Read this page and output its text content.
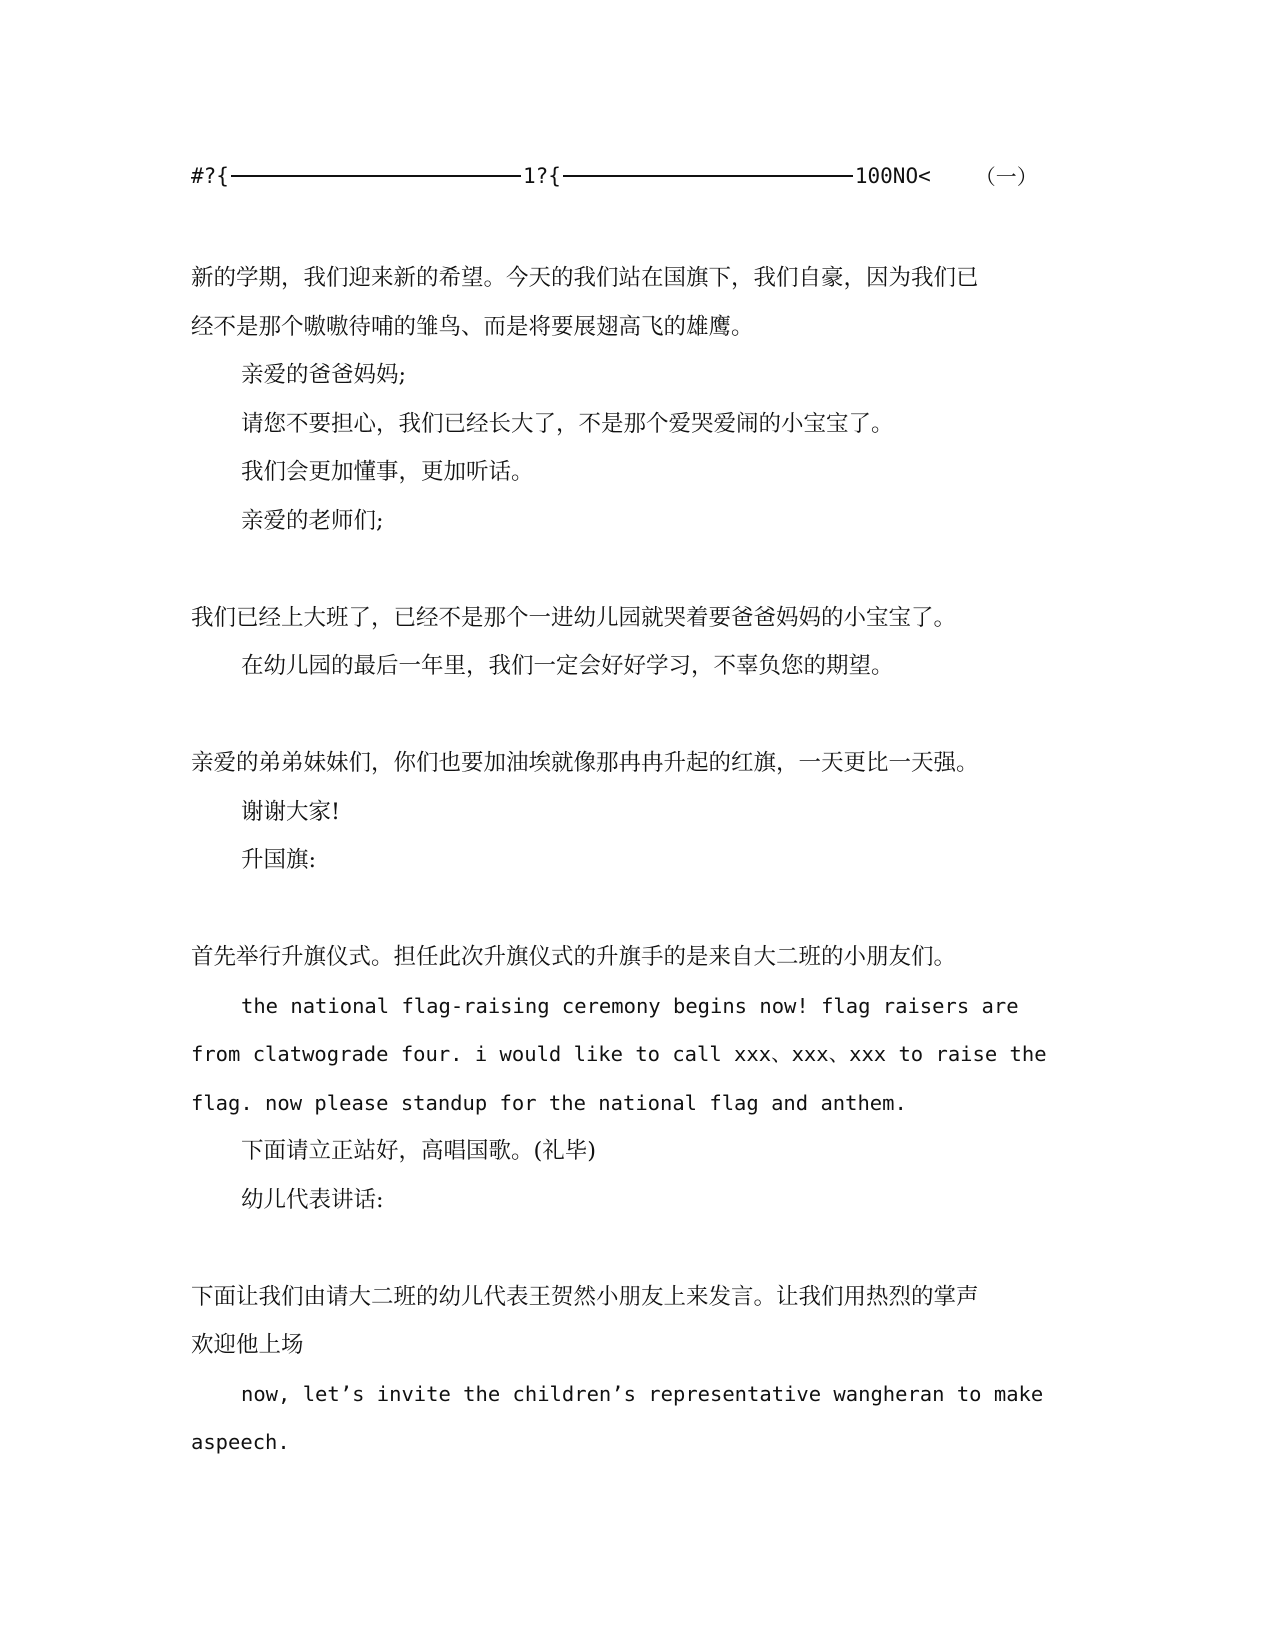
#?{	1?{	100NO< （一）

新的学期，我们迎来新的希望。今天的我们站在国旗下，我们自豪，因为我们已
经不是那个嗷嗷待哺的雏鸟、而是将要展翅高飞的雄鹰。

亲爱的爸爸妈妈;

请您不要担心，我们已经长大了，不是那个爱哭爱闹的小宝宝了。

我们会更加懂事，更加听话。

亲爱的老师们;

我们已经上大班了，已经不是那个一进幼儿园就哭着要爸爸妈妈的小宝宝了。

在幼儿园的最后一年里，我们一定会好好学习，不辜负您的期望。

亲爱的弟弟妹妹们，你们也要加油埃就像那冉冉升起的红旗，一天更比一天强。

谢谢大家!

升国旗:

首先举行升旗仪式。担任此次升旗仪式的升旗手的是来自大二班的小朋友们。

the national flag-raising ceremony begins now! flag raisers are
from clatwograde four. i would like to call xxx、xxx、xxx to raise the
flag. now please standup for the national flag and anthem.

下面请立正站好，高唱国歌。(礼毕)

幼儿代表讲话:

下面让我们由请大二班的幼儿代表王贺然小朋友上来发言。让我们用热烈的掌声
欢迎他上场

now, let’s invite the children’s representative wangheran to make
aspeech.
